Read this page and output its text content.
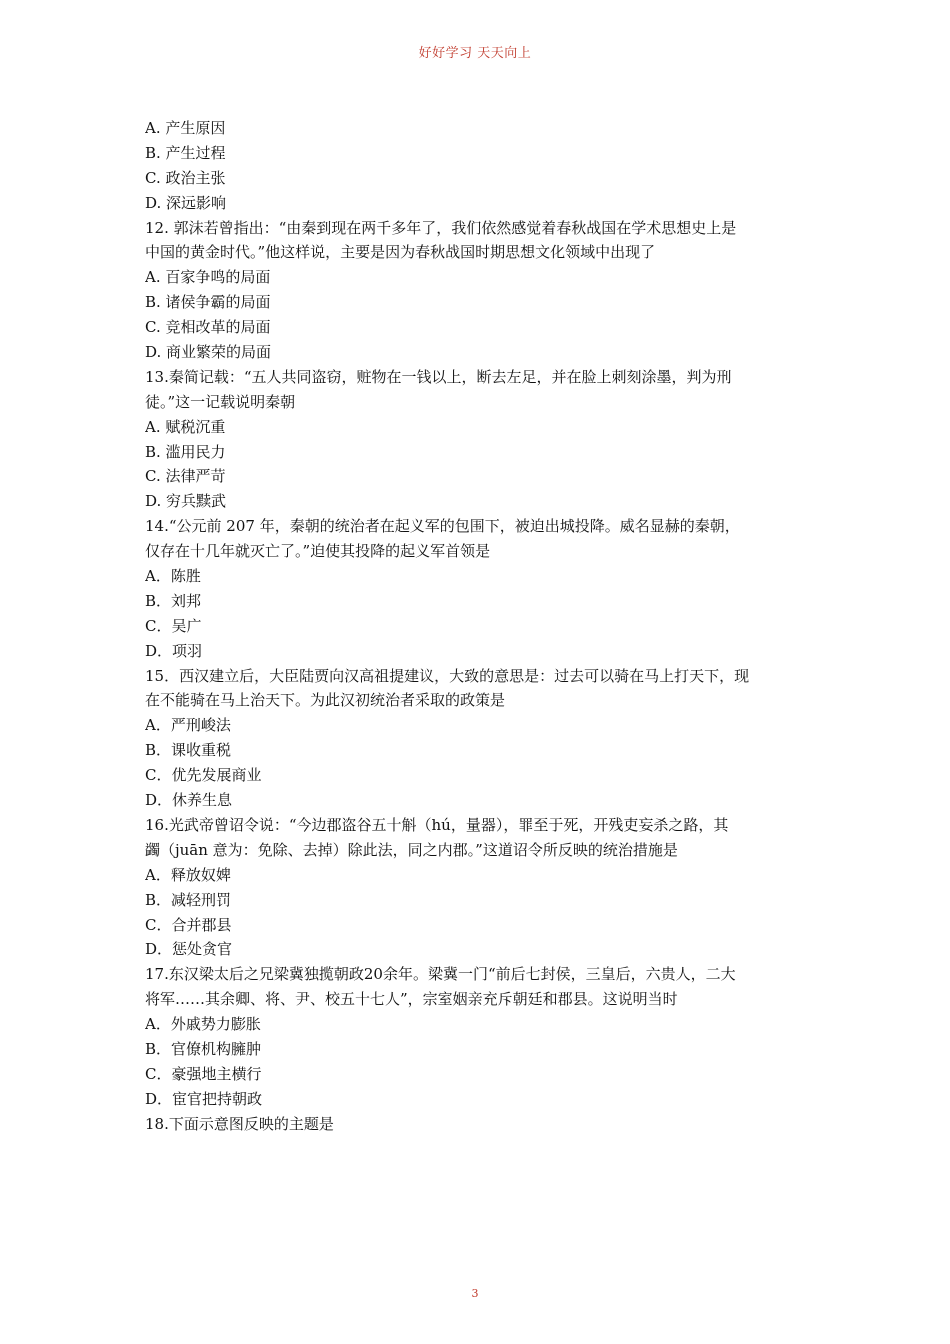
好好学习 天天向上
A. 产生原因
B. 产生过程
C. 政治主张
D. 深远影响
12. 郭沫若曾指出：“由秦到现在两千多年了，我们依然感觉着春秋战国在学术思想史上是
中国的黄金时代。”他这样说，主要是因为春秋战国时期思想文化领域中出现了
A. 百家争鸣的局面
B. 诸侯争霸的局面
C. 竞相改革的局面
D. 商业繁荣的局面
13.秦简记载：“五人共同盗窃，赃物在一钱以上，断去左足，并在脸上刺刻涂墨，判为刑
徒。”这一记载说明秦朝
A. 赋税沉重
B. 滥用民力
C. 法律严苛
D. 穷兵黩武
14.“公元前 207 年，秦朝的统治者在起义军的包围下，被迫出城投降。威名显赫的秦朝，
仅存在十几年就灭亡了。”迫使其投降的起义军首领是
A．陈胜
B．刘邦
C．吴广
D．项羽
15．西汉建立后，大臣陆贾向汉高祖提建议，大致的意思是：过去可以骑在马上打天下，现
在不能骑在马上治天下。为此汉初统治者采取的政策是
A．严刑峻法
B．课收重税
C．优先发展商业
D．休养生息
16.光武帝曾诏令说：“今边郡盗谷五十斛（hú，量器），罪至于死，开残吏妄杀之路，其
蠲（juān 意为：免除、去掉）除此法，同之内郡。”这道诏令所反映的统治措施是
A．释放奴婢
B．减轻刑罚
C．合并郡县
D．惩处贪官
17.东汉梁太后之兄梁冀独揽朝政20余年。梁冀一门“前后七封侯，三皇后，六贵人，二大
将军……其余卿、将、尹、校五十七人”，宗室姻亲充斥朝廷和郡县。这说明当时
A．外戚势力膨胀
B．官僚机构臃肿
C．豪强地主横行
D．宦官把持朝政
18.下面示意图反映的主题是
3
